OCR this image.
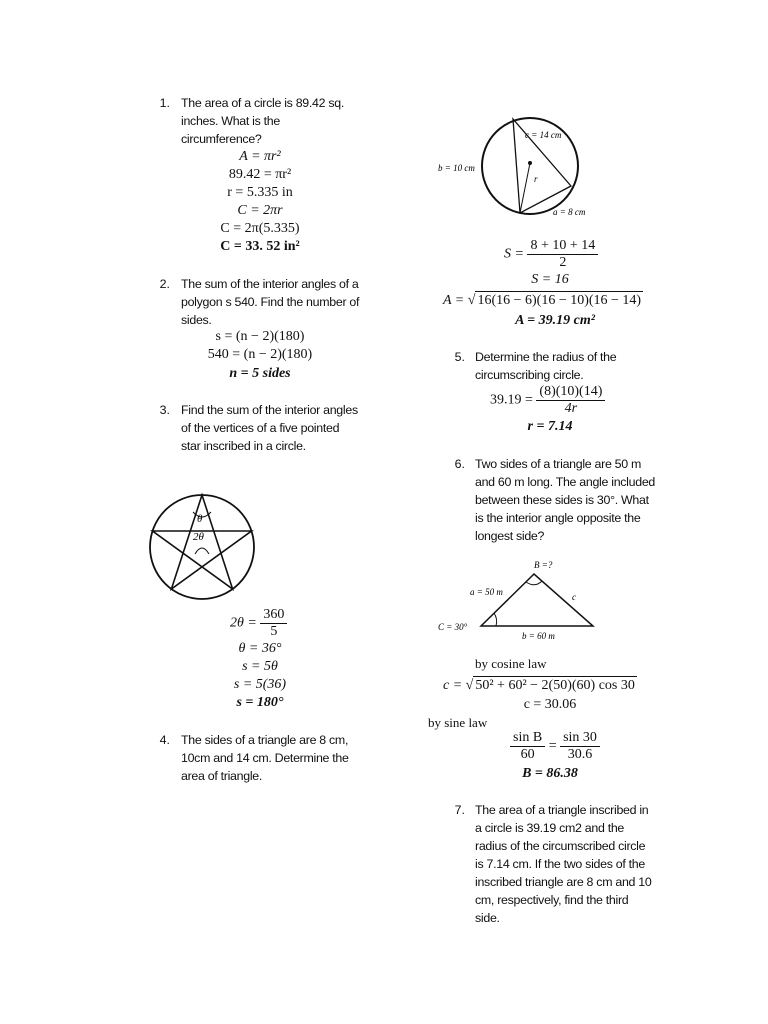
1. The area of a circle is 89.42 sq.
inches. What is the
circumference?
A = πr²
89.42 = πr²
r = 5.335 in
C = 2πr
C = 2π(5.335)
C = 33. 52 in²
2. The sum of the interior angles of a
polygon s 540. Find the number of
sides.
s = (n − 2)(180)
540 = (n − 2)(180)
n = 5 sides
3. Find the sum of the interior angles
of the vertices of a five pointed
star inscribed in a circle.
θ
2θ
$2\theta = \frac{360}{5}$
θ = 36°
s = 5θ
s = 5(36)
s = 180°
4. The sides of a triangle are 8 cm,
10cm and 14 cm. Determine the
area of triangle.
r
c = 14 cm
b = 10 cm
a = 8 cm
$S = \frac{8 + 10 + 14}{2}$
S = 16
A = √ 16(16 − 6)(16 − 10)(16 − 14)
A = 39.19 cm²
5. Determine the radius of the
circumscribing circle.
$39.19 = \frac{(8)(10)(14)}{4r}$
r = 7.14
6. Two sides of a triangle are 50 m
and 60 m long. The angle included
between these sides is 30°. What
is the interior angle opposite the
longest side?
B =?
a = 50 m	c
C = 30°
b = 60 m
by cosine law
c = √ 50² + 60² − 2(50)(60) cos 30
c = 30.06
by sine law
$\frac{\text{sin B}}{60} = \frac{\sin 30}{30.6}$
B = 86.38
7. The area of a triangle inscribed in
a circle is 39.19 cm2 and the
radius of the circumscribed circle
is 7.14 cm. If the two sides of the
inscribed triangle are 8 cm and 10
cm, respectively, find the third
side.
